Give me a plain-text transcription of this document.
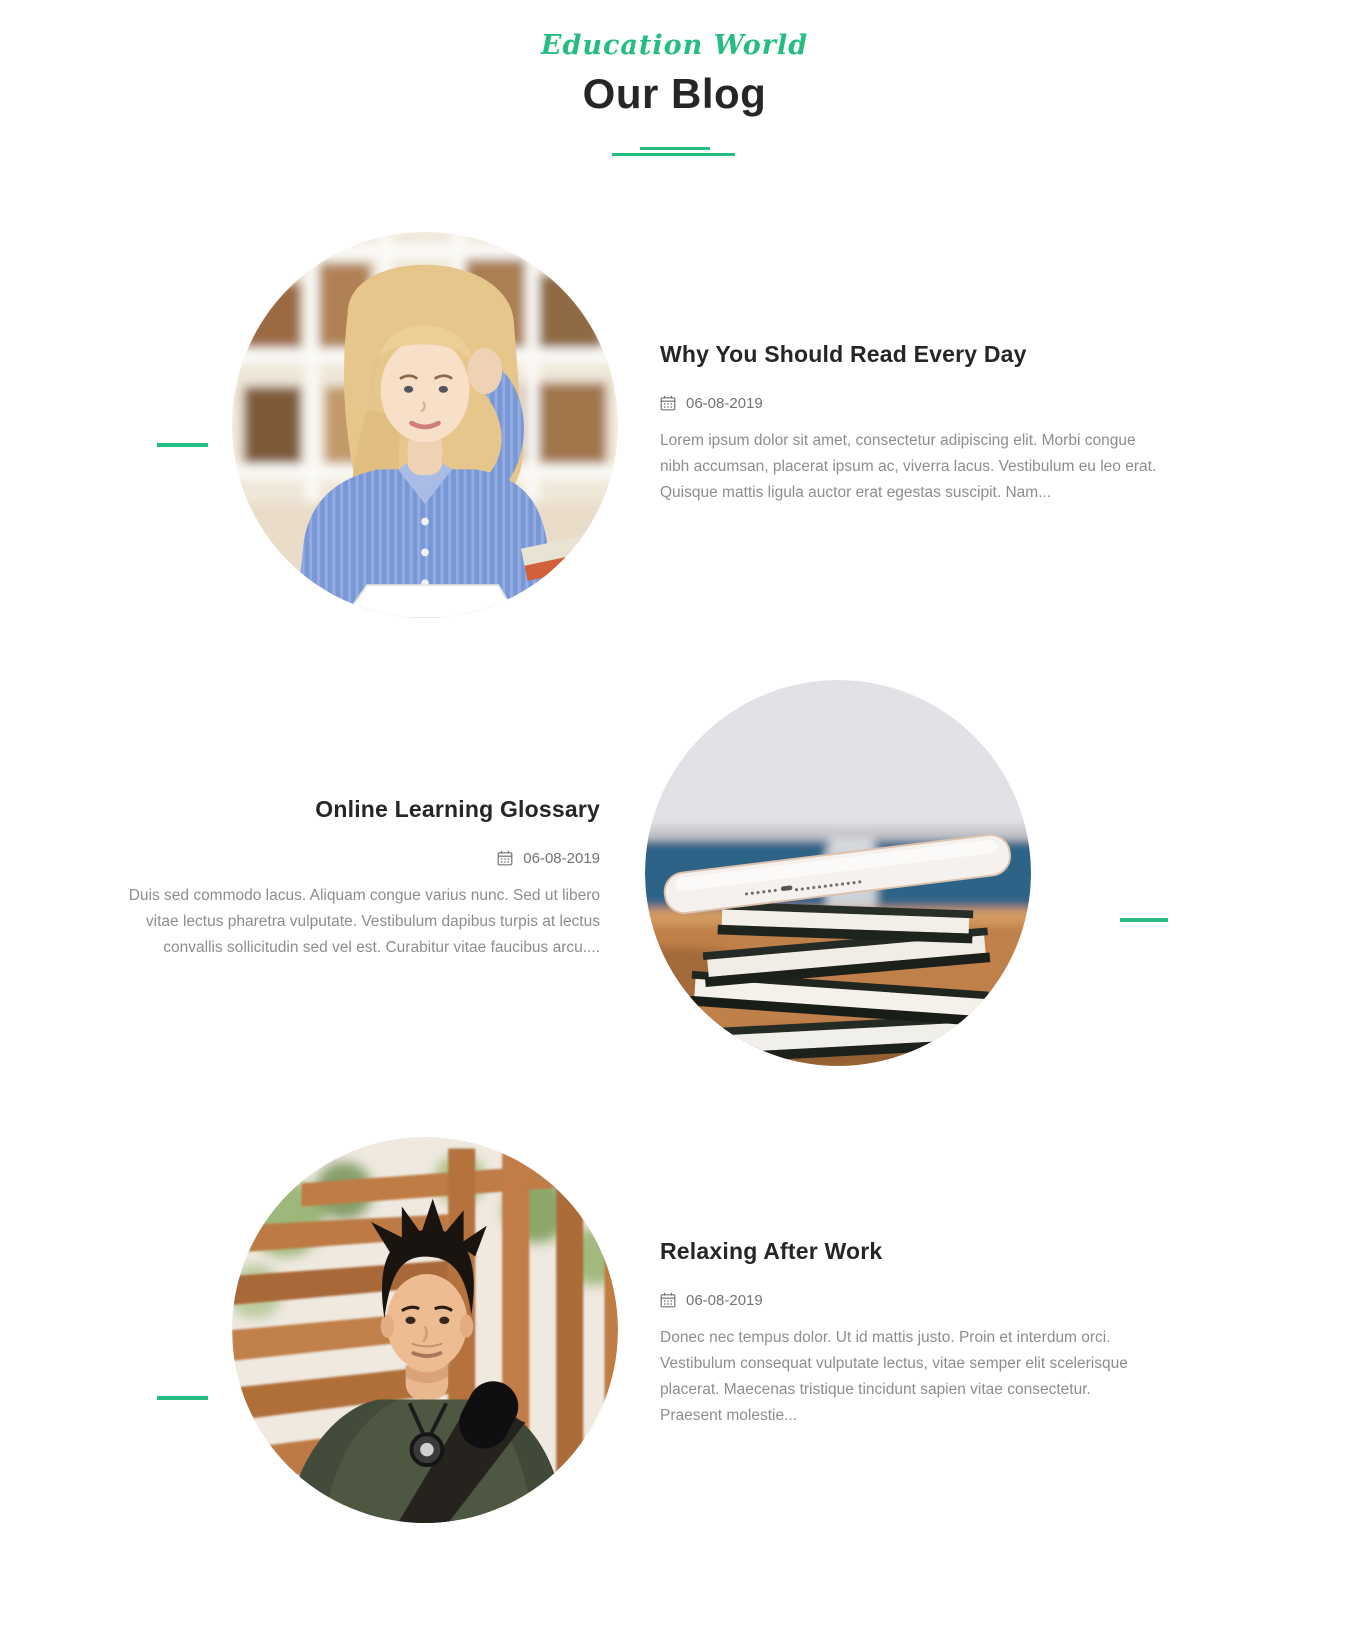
Education World
Our Blog
Why You Should Read Every Day
06-08-2019

Lorem ipsum dolor sit amet, consectetur adipiscing elit. Morbi congue nibh accumsan, placerat ipsum ac, viverra lacus. Vestibulum eu leo erat. Quisque mattis ligula auctor erat egestas suscipit. Nam...

Online Learning Glossary
06-08-2019

Duis sed commodo lacus. Aliquam congue varius nunc. Sed ut libero vitae lectus pharetra vulputate. Vestibulum dapibus turpis at lectus convallis sollicitudin sed vel est. Curabitur vitae faucibus arcu....

Relaxing After Work
06-08-2019

Donec nec tempus dolor. Ut id mattis justo. Proin et interdum orci. Vestibulum consequat vulputate lectus, vitae semper elit scelerisque placerat. Maecenas tristique tincidunt sapien vitae consectetur. Praesent molestie...
